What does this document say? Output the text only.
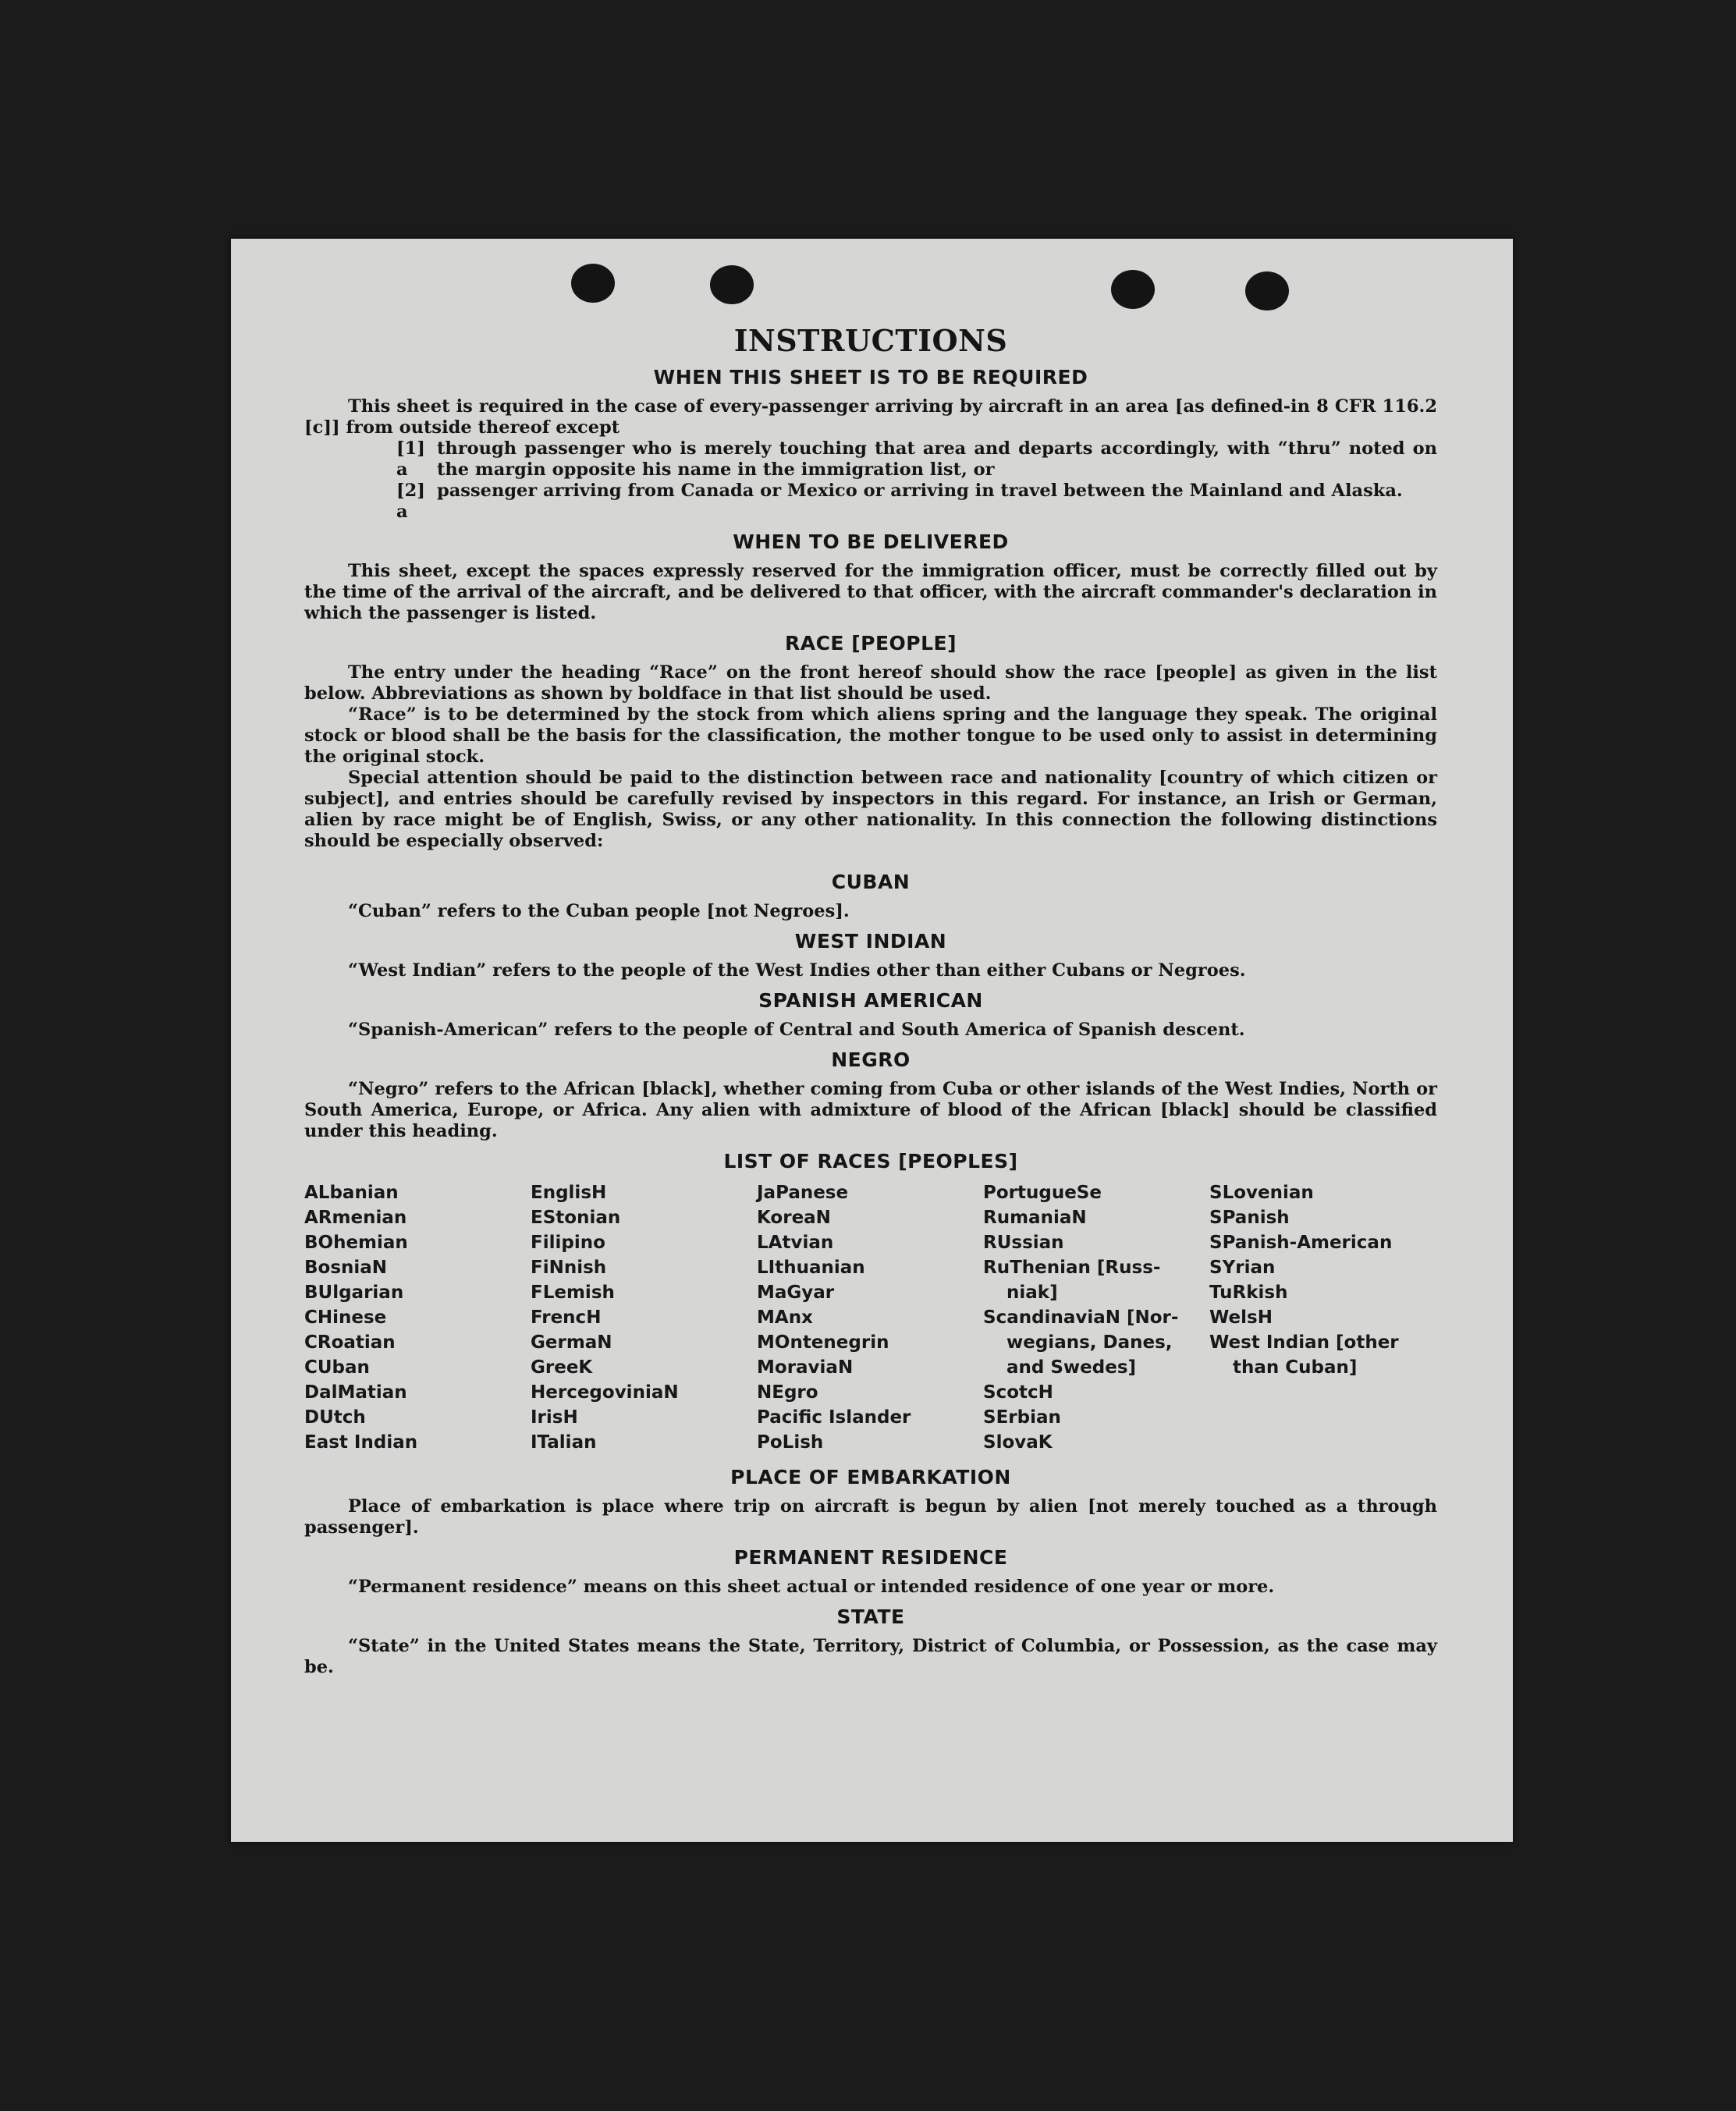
INSTRUCTIONS
WHEN THIS SHEET IS TO BE REQUIRED

This sheet is required in the case of every-passenger arriving by aircraft in an area [as defined-in 8 CFR 116.2 [c]] from outside thereof except

[1] a
through passenger who is merely touching that area and departs accordingly, with “thru” noted on the margin opposite his name in the immigration list, or
[2] a
passenger arriving from Canada or Mexico or arriving in travel between the Mainland and Alaska.
WHEN TO BE DELIVERED

This sheet, except the spaces expressly reserved for the immigration officer, must be correctly filled out by the time of the arrival of the aircraft, and be delivered to that officer, with the aircraft commander's declaration in which the passenger is listed.

RACE [PEOPLE]

The entry under the heading “Race” on the front hereof should show the race [people] as given in the list below. Abbreviations as shown by boldface in that list should be used.

“Race” is to be determined by the stock from which aliens spring and the language they speak. The original stock or blood shall be the basis for the classification, the mother tongue to be used only to assist in determining the original stock.

Special attention should be paid to the distinction between race and nationality [country of which citizen or subject], and entries should be carefully revised by inspectors in this regard. For instance, an Irish or German, alien by race might be of English, Swiss, or any other nationality. In this connection the following distinctions should be especially observed:

CUBAN

“Cuban” refers to the Cuban people [not Negroes].

WEST INDIAN

“West Indian” refers to the people of the West Indies other than either Cubans or Negroes.

SPANISH AMERICAN

“Spanish-American” refers to the people of Central and South America of Spanish descent.

NEGRO

“Negro” refers to the African [black], whether coming from Cuba or other islands of the West Indies, North or South America, Europe, or Africa. Any alien with admixture of blood of the African [black] should be classified under this heading.

LIST OF RACES [PEOPLES]
ALbanian
ARmenian
BOhemian
BosniaN
BUlgarian
CHinese
CRoatian
CUban
DalMatian
DUtch
East Indian
EnglisH
EStonian
Filipino
FiNnish
FLemish
FrencH
GermaN
GreeK
HercegoviniaN
IrisH
ITalian
JaPanese
KoreaN
LAtvian
LIthuanian
MaGyar
MAnx
MOntenegrin
MoraviaN
NEgro
Pacific Islander
PoLish
PortugueSe
RumaniaN
RUssian
RuThenian [Russ-
niak]
ScandinaviaN [Nor-
wegians, Danes,
and Swedes]
ScotcH
SErbian
SlovaK
SLovenian
SPanish
SPanish-American
SYrian
TuRkish
WelsH
West Indian [other
than Cuban]
PLACE OF EMBARKATION

Place of embarkation is place where trip on aircraft is begun by alien [not merely touched as a through passenger].

PERMANENT RESIDENCE

“Permanent residence” means on this sheet actual or intended residence of one year or more.

STATE

“State” in the United States means the State, Territory, District of Columbia, or Possession, as the case may be.
